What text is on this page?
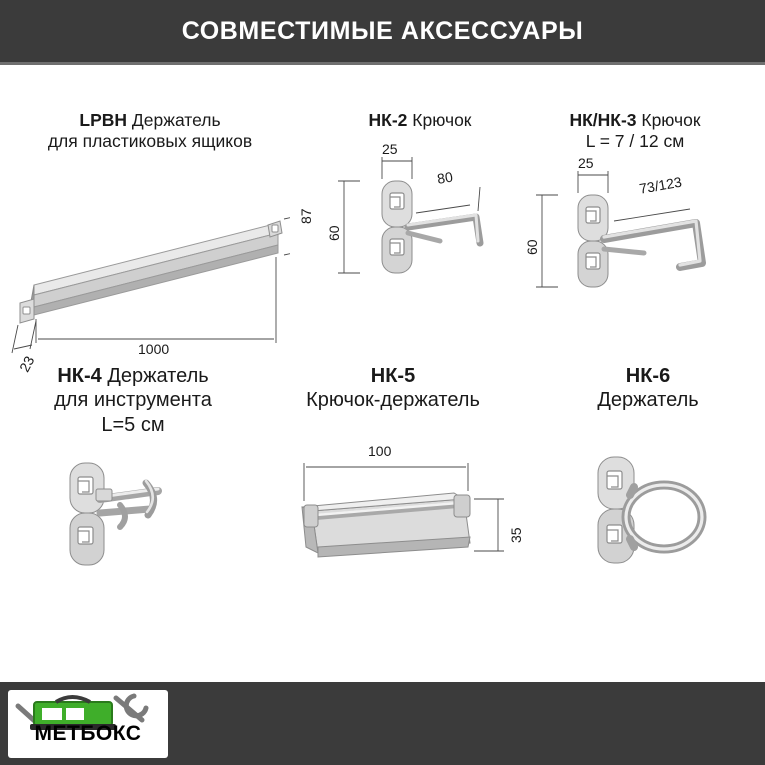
СОВМЕСТИМЫЕ АКСЕССУАРЫ
LPBH Держатель
для пластиковых ящиков
87
1000
23
НК-2 Крючок
25
80
60
НК/НК-3 Крючок
L = 7 / 12 см
25
73/123
60
НК-4 Держатель
для инструмента
L=5 см
НК-5
Крючок-держатель
100
35
НК-6
Держатель
МЕТБОКС
